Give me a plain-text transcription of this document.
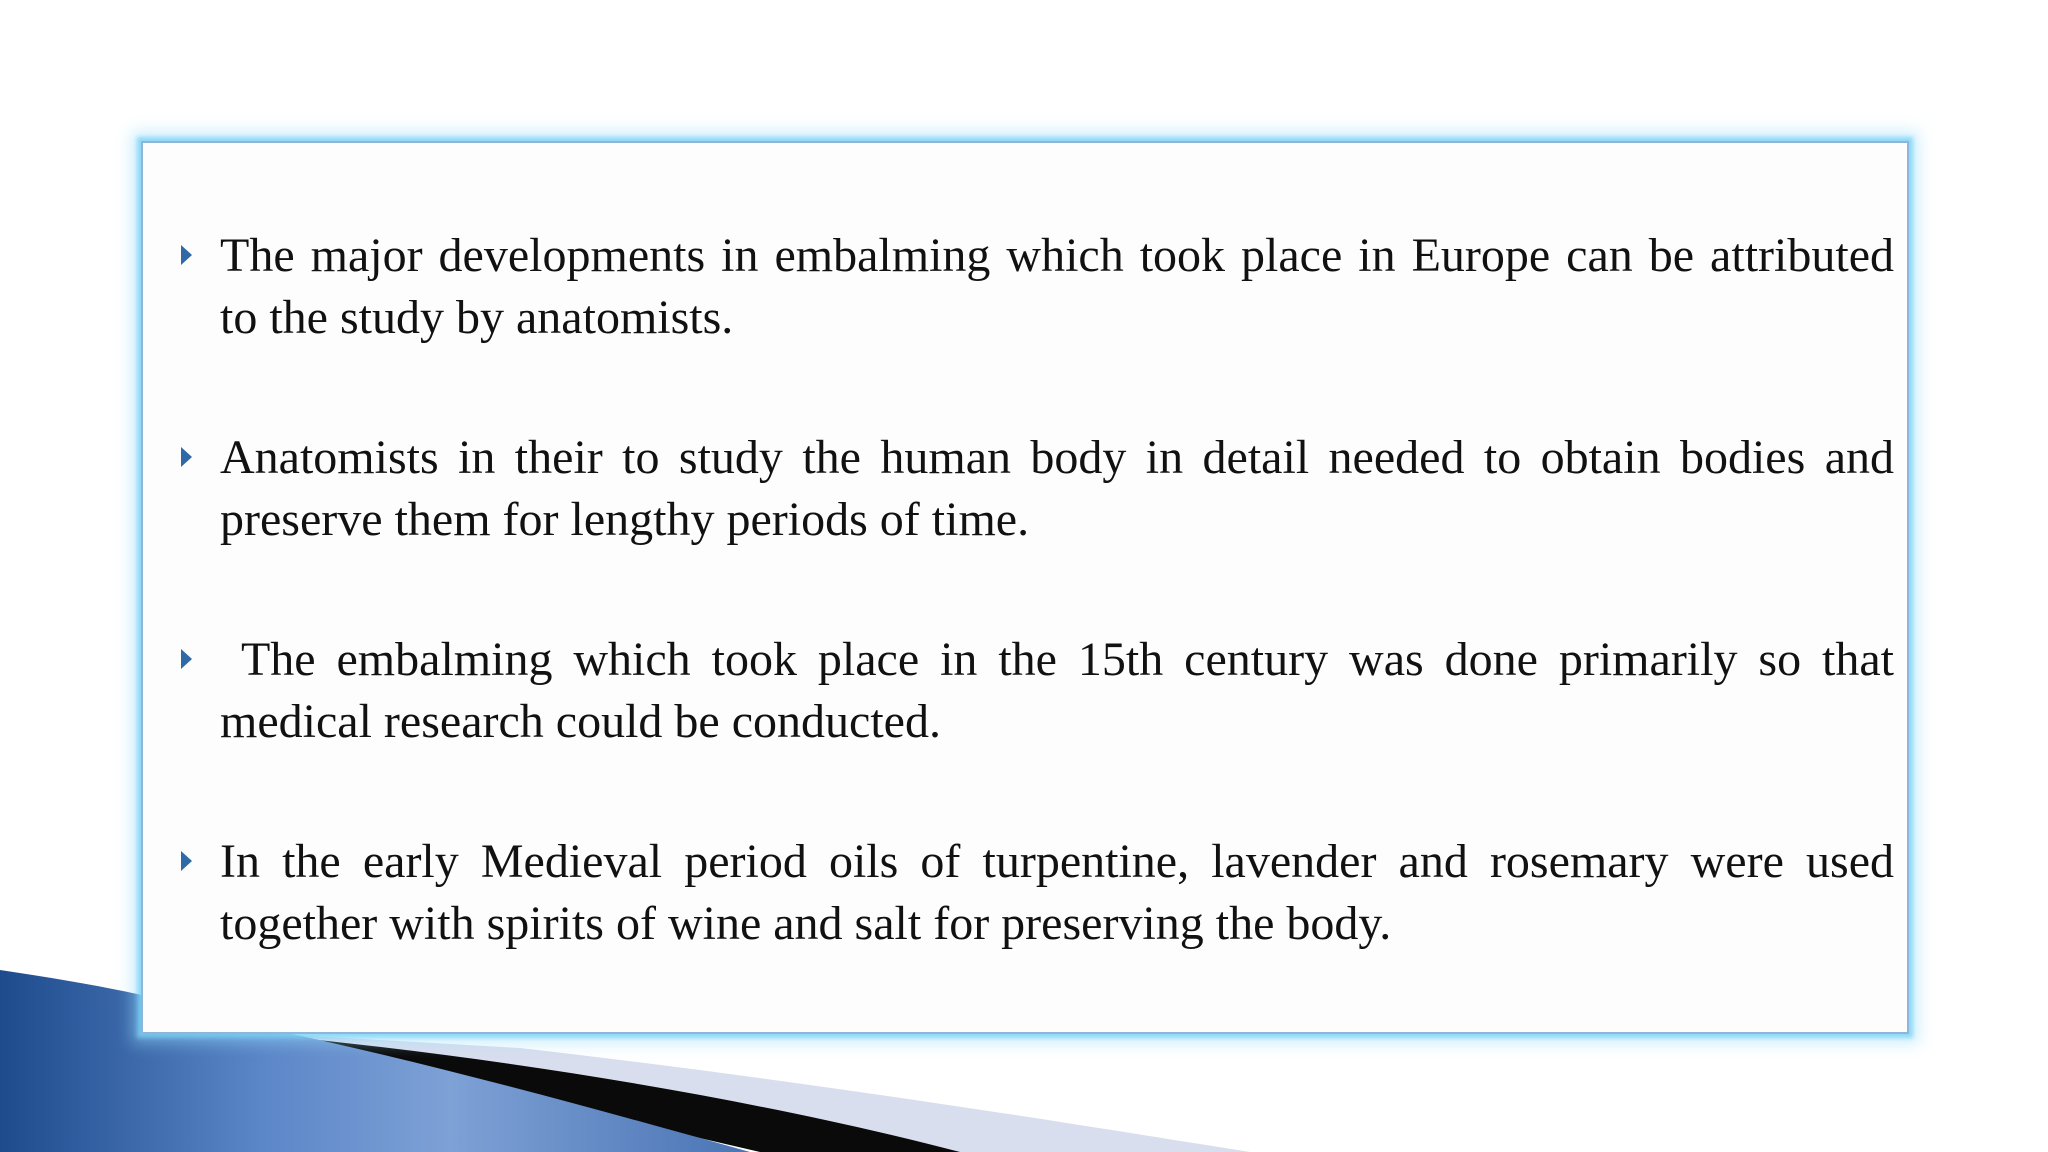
The major developments in embalming which took place in Europe can be attributed to the study by anatomists.

Anatomists in their to study the human body in detail needed to obtain bodies and preserve them for lengthy periods of time.

The embalming which took place in the 15th century was done primarily so that medical research could be conducted.

In the early Medieval period oils of turpentine, lavender and rosemary were used together with spirits of wine and salt for preserving the body.
